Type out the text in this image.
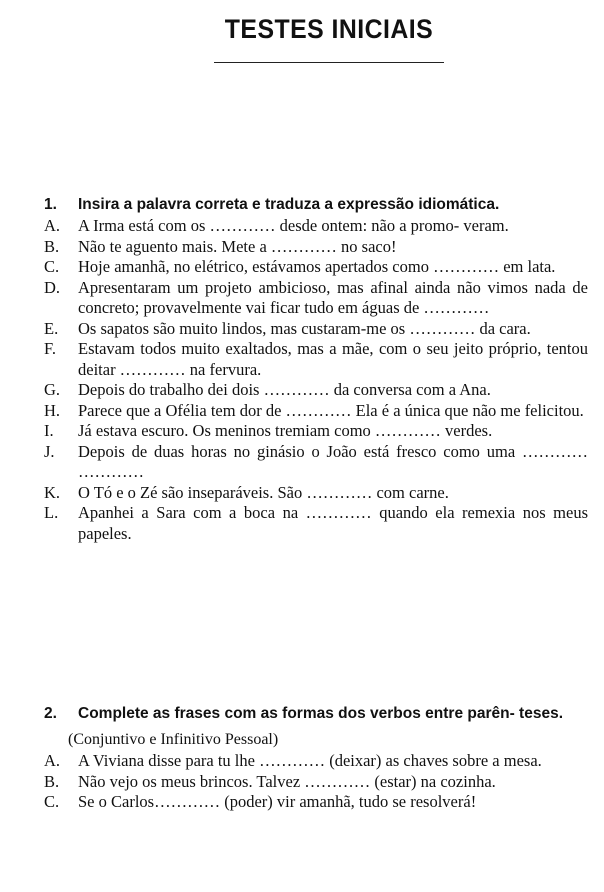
TESTES INICIAIS
1.	Insira a palavra correta e traduza a expressão idiomática.
A.	A Irma está com os ………… desde ontem: não a promo- veram.
B.	Não te aguento mais. Mete a ………… no saco!
C.	Hoje amanhã, no elétrico, estávamos apertados como ………… em lata.
D.	Apresentaram um projeto ambicioso, mas afinal ainda não vimos nada de concreto; provavelmente vai ficar tudo em águas de …………
E.	Os sapatos são muito lindos, mas custaram-me os ………… da cara.
F.	Estavam todos muito exaltados, mas a mãe, com o seu jeito próprio, tentou deitar ………… na fervura.
G.	Depois do trabalho dei dois ………… da conversa com a Ana.
H.	Parece que a Ofélia tem dor de ………… Ela é a única que não me felicitou.
I.	Já estava escuro. Os meninos tremiam como ………… verdes.
J.	Depois de duas horas no ginásio o João está fresco como uma ………… …………
K.	O Tó e o Zé são inseparáveis. São ………… com carne.
L.	Apanhei a Sara com a boca na ………… quando ela remexia nos meus papeles.
2.	Complete as frases com as formas dos verbos entre parên- teses.
(Conjuntivo e Infinitivo Pessoal)
A.	A Viviana disse para tu lhe ………… (deixar) as chaves sobre a mesa.
B.	Não vejo os meus brincos. Talvez ………… (estar) na cozinha.
C.	Se o Carlos………… (poder) vir amanhã, tudo se resolverá!
